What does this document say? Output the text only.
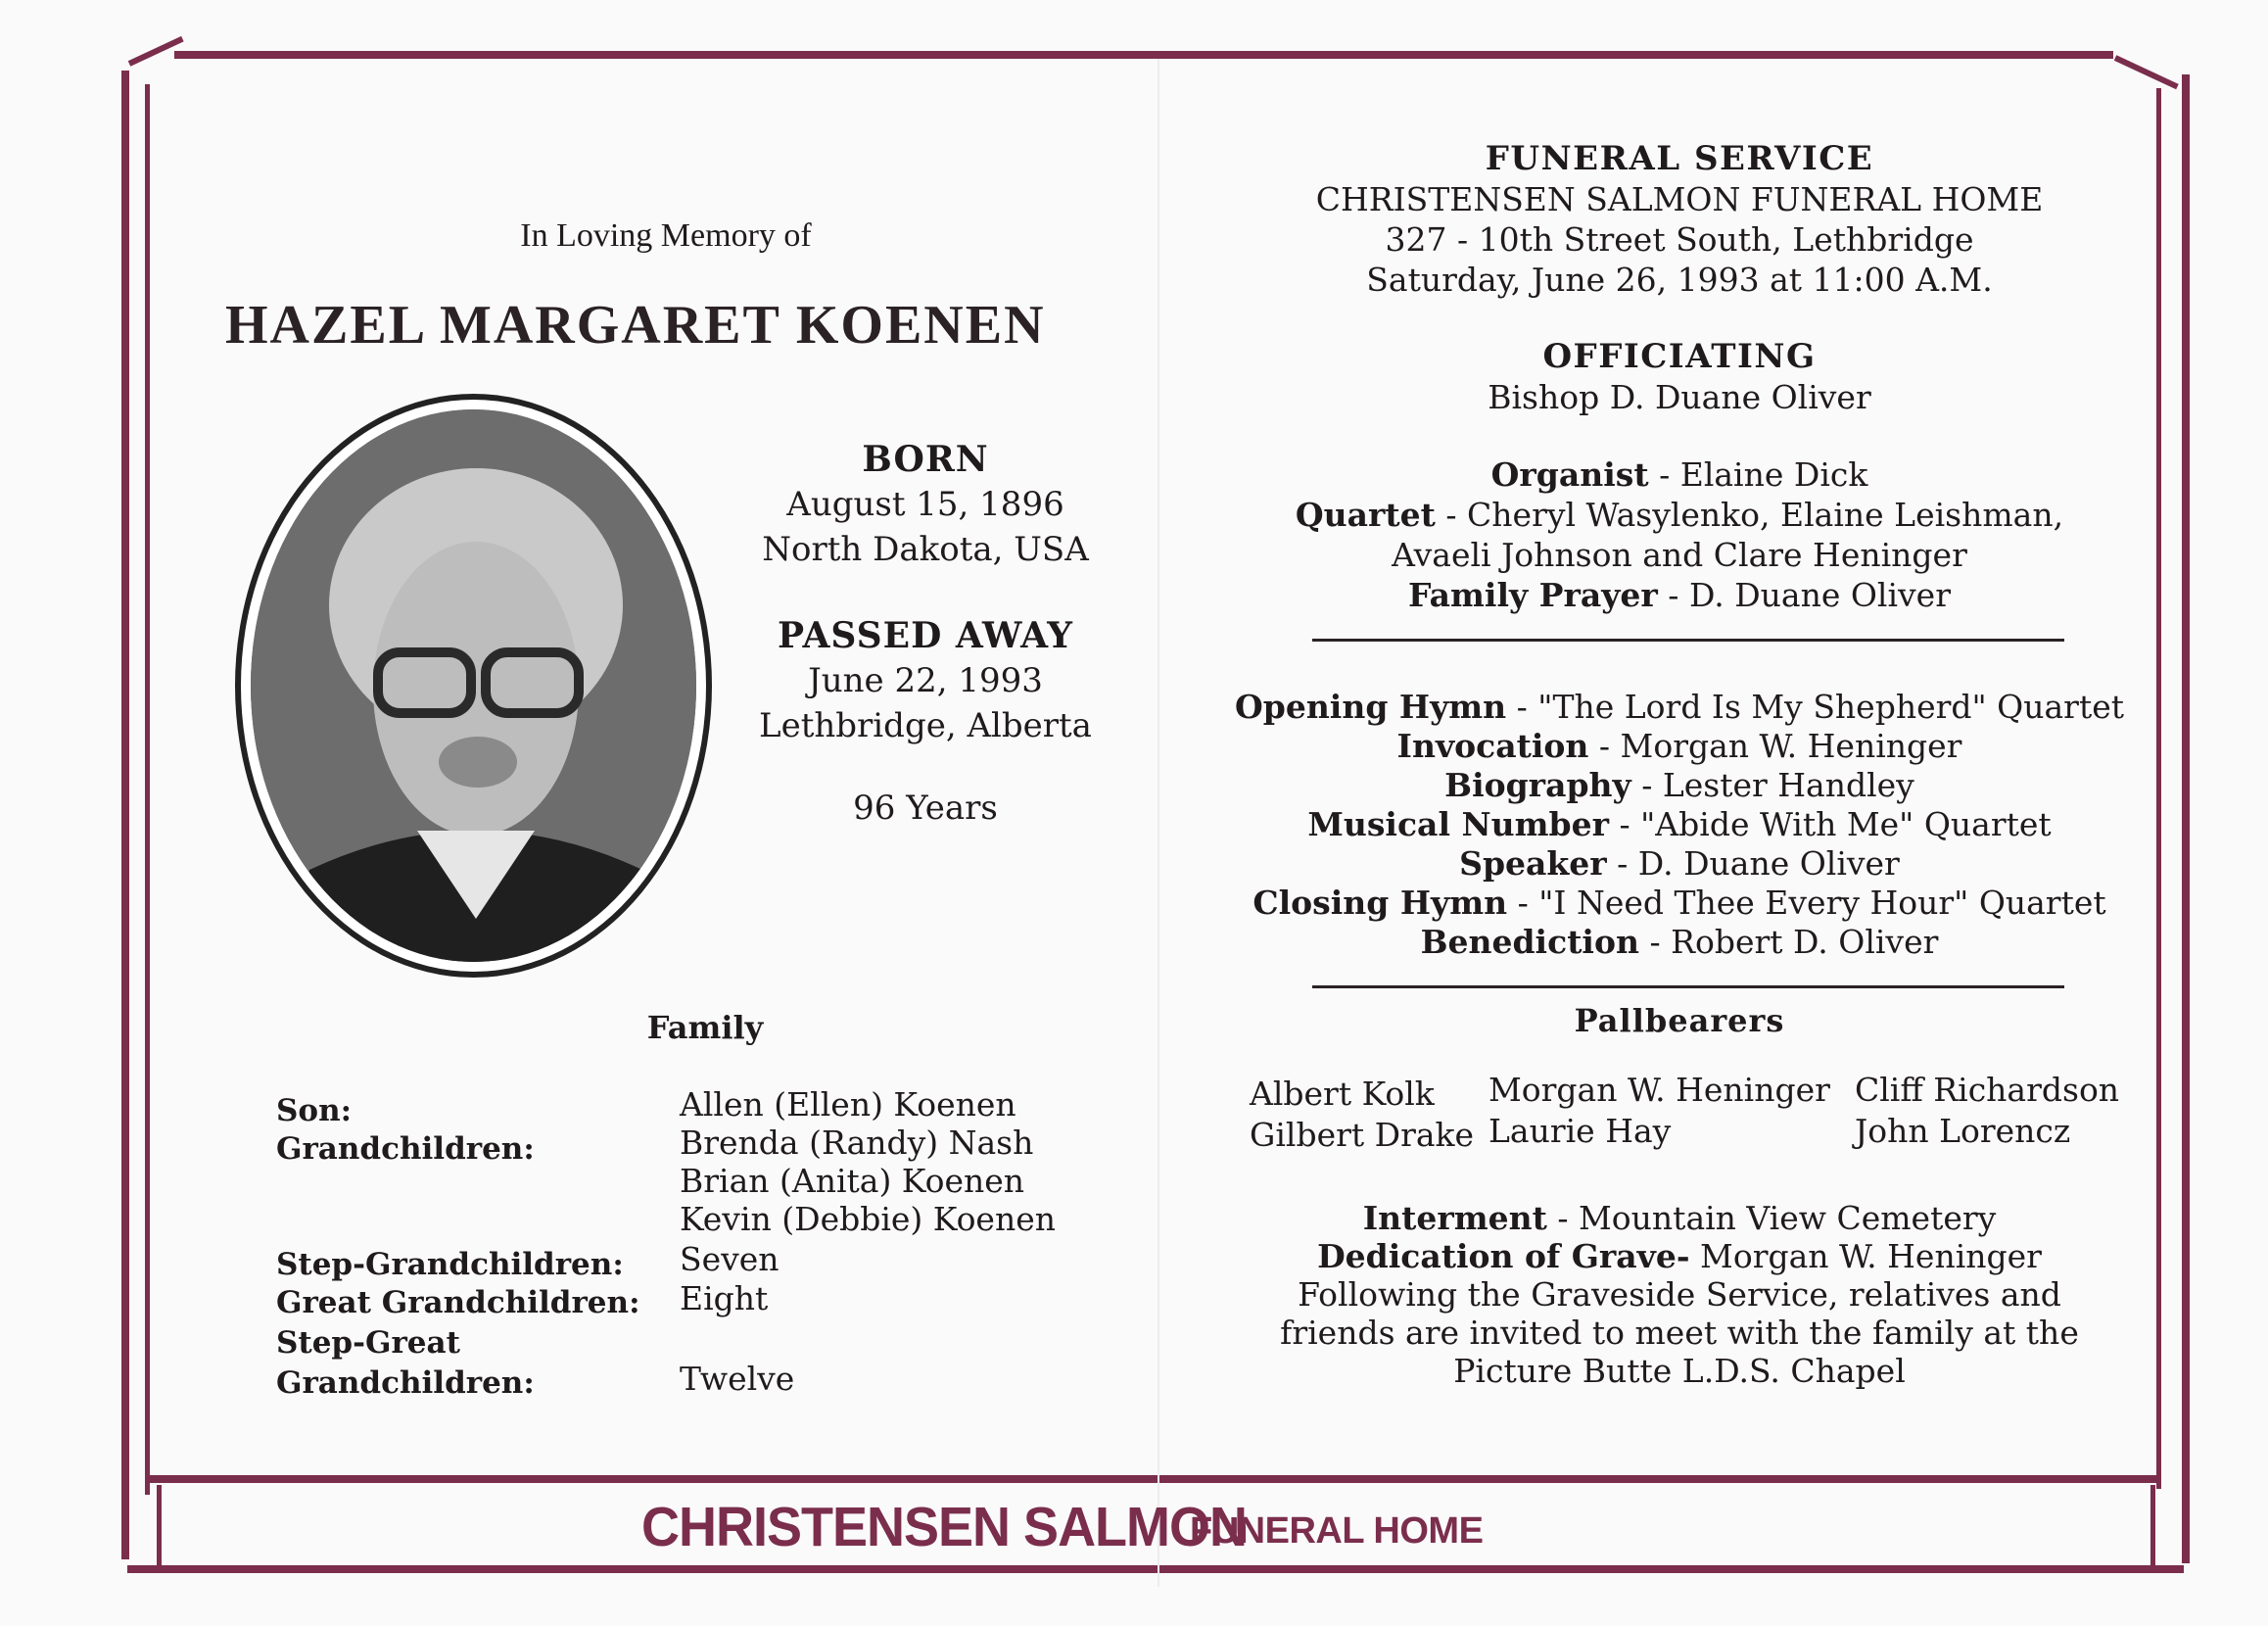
In Loving Memory of
HAZEL MARGARET KOENEN
BORN
August 15, 1896
North Dakota, USA
PASSED AWAY
June 22, 1993
Lethbridge, Alberta
96 Years
Family
Son:
Grandchildren:
Step-Grandchildren:
Great Grandchildren:
Step-Great
Grandchildren:
Allen (Ellen) Koenen
Brenda (Randy) Nash
Brian (Anita) Koenen
Kevin (Debbie) Koenen
Seven
Eight
Twelve
FUNERAL SERVICE
CHRISTENSEN SALMON FUNERAL HOME
327 - 10th Street South, Lethbridge
Saturday, June 26, 1993 at 11:00 A.M.
OFFICIATING
Bishop D. Duane Oliver
Organist - Elaine Dick
Quartet - Cheryl Wasylenko, Elaine Leishman,
Avaeli Johnson and Clare Heninger
Family Prayer - D. Duane Oliver
Opening Hymn - "The Lord Is My Shepherd" Quartet
Invocation - Morgan W. Heninger
Biography - Lester Handley
Musical Number - "Abide With Me" Quartet
Speaker - D. Duane Oliver
Closing Hymn - "I Need Thee Every Hour" Quartet
Benediction - Robert D. Oliver
Pallbearers
Albert Kolk
Gilbert Drake
Morgan W. Heninger
Laurie Hay
Cliff Richardson
John Lorencz
Interment - Mountain View Cemetery
Dedication of Grave- Morgan W. Heninger
Following the Graveside Service, relatives and
friends are invited to meet with the family at the
Picture Butte L.D.S. Chapel
CHRISTENSEN SALMON
FUNERAL HOME
